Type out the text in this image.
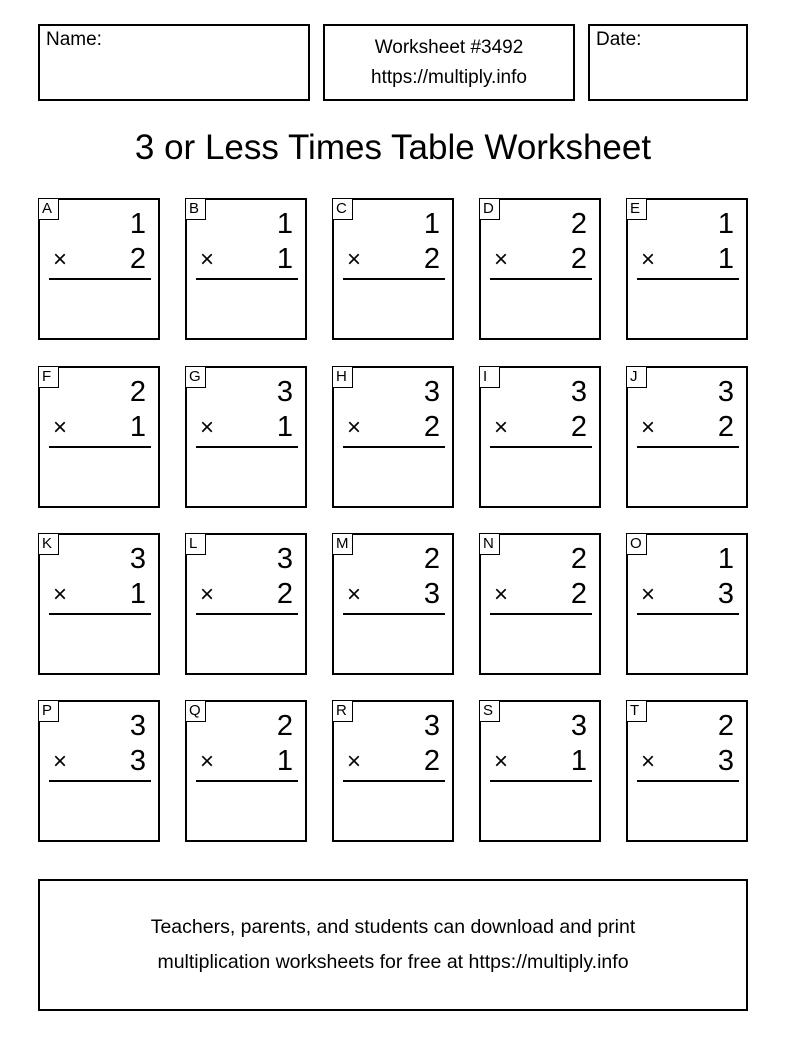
Name:	Worksheet #3492
https://multiply.info
Date:
3 or Less Times Table Worksheet
A	1
× 2
B	1
× 1
C	1
× 2
D	2
× 2
E	1
× 1
F	2
× 1
G	3
× 1
H	3
× 2
I	3
× 2
J	3
× 2
K	3
× 1
L	3
× 2
M	2
× 3
N	2
× 2
O	1
× 3
P	3
× 3
Q	2
× 1
R	3
× 2
S	3
× 1
T	2
× 3
Teachers, parents, and students can download and print
multiplication worksheets for free at https://multiply.info
